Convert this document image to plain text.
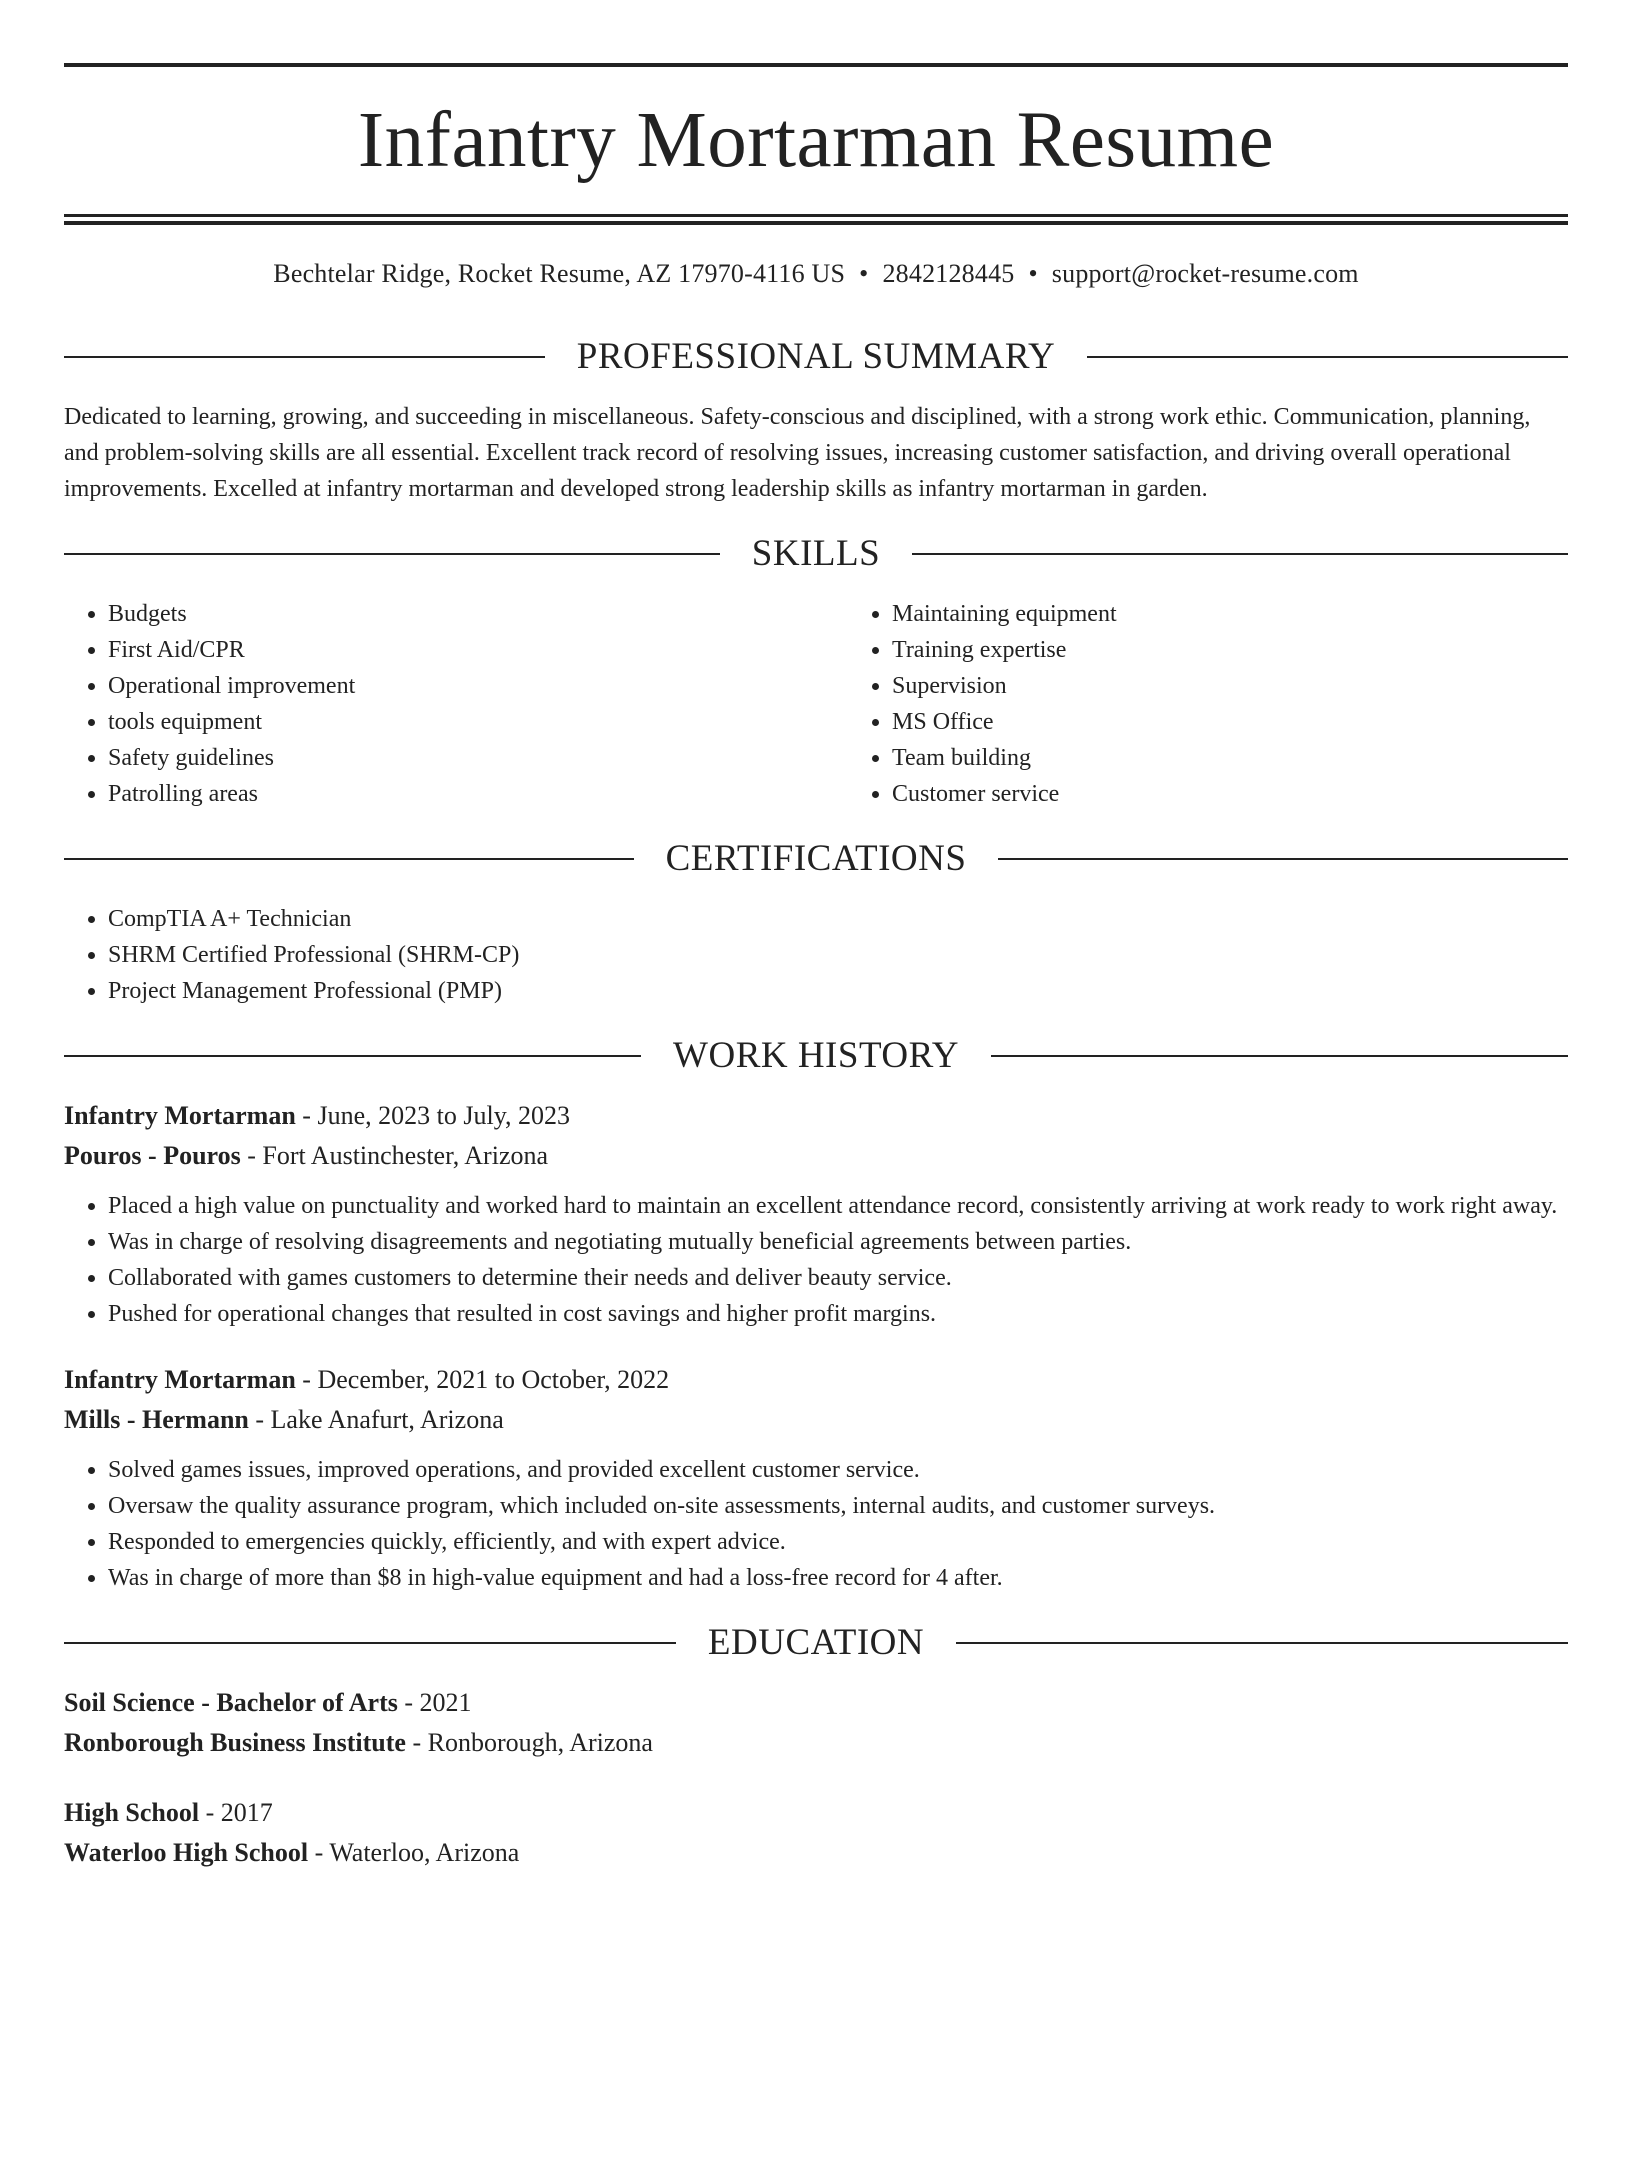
Infantry Mortarman Resume
Bechtelar Ridge, Rocket Resume, AZ 17970-4116 US • 2842128445 • support@rocket-resume.com
PROFESSIONAL SUMMARY

Dedicated to learning, growing, and succeeding in miscellaneous. Safety-conscious and disciplined, with a strong work ethic. Communication, planning, and problem-solving skills are all essential. Excellent track record of resolving issues, increasing customer satisfaction, and driving overall operational improvements. Excelled at infantry mortarman and developed strong leadership skills as infantry mortarman in garden.

SKILLS
• Budgets
• First Aid/CPR
• Operational improvement
• tools equipment
• Safety guidelines
• Patrolling areas
• Maintaining equipment
• Training expertise
• Supervision
• MS Office
• Team building
• Customer service
CERTIFICATIONS
• CompTIA A+ Technician
• SHRM Certified Professional (SHRM-CP)
• Project Management Professional (PMP)
WORK HISTORY
Infantry Mortarman - June, 2023 to July, 2023
Pouros - Pouros - Fort Austinchester, Arizona
• Placed a high value on punctuality and worked hard to maintain an excellent attendance record, consistently arriving at work ready to work right away.
• Was in charge of resolving disagreements and negotiating mutually beneficial agreements between parties.
• Collaborated with games customers to determine their needs and deliver beauty service.
• Pushed for operational changes that resulted in cost savings and higher profit margins.
Infantry Mortarman - December, 2021 to October, 2022
Mills - Hermann - Lake Anafurt, Arizona
• Solved games issues, improved operations, and provided excellent customer service.
• Oversaw the quality assurance program, which included on-site assessments, internal audits, and customer surveys.
• Responded to emergencies quickly, efficiently, and with expert advice.
• Was in charge of more than $8 in high-value equipment and had a loss-free record for 4 after.
EDUCATION
Soil Science - Bachelor of Arts - 2021
Ronborough Business Institute - Ronborough, Arizona
High School - 2017
Waterloo High School - Waterloo, Arizona
